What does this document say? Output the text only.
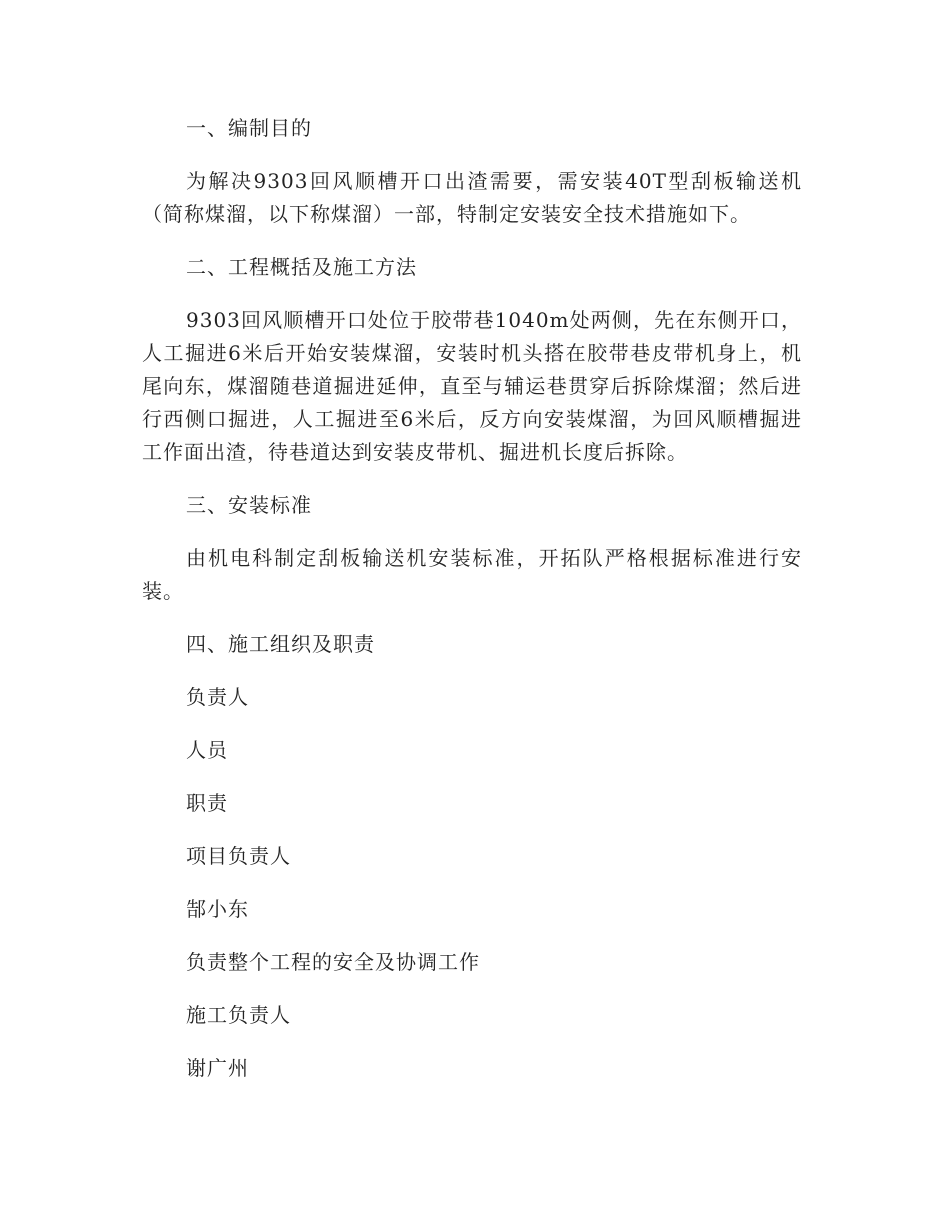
一、编制目的

为解决9303回风顺槽开口出渣需要，需安装40T型刮板输送机（简称煤溜，以下称煤溜）一部，特制定安装安全技术措施如下。

二、工程概括及施工方法

9303回风顺槽开口处位于胶带巷1040m处两侧，先在东侧开口，人工掘进6米后开始安装煤溜，安装时机头搭在胶带巷皮带机身上，机尾向东，煤溜随巷道掘进延伸，直至与辅运巷贯穿后拆除煤溜；然后进行西侧口掘进，人工掘进至6米后，反方向安装煤溜，为回风顺槽掘进工作面出渣，待巷道达到安装皮带机、掘进机长度后拆除。

三、安装标准

由机电科制定刮板输送机安装标准，开拓队严格根据标准进行安装。

四、施工组织及职责

负责人

人员

职责

项目负责人

郜小东

负责整个工程的安全及协调工作

施工负责人

谢广州
